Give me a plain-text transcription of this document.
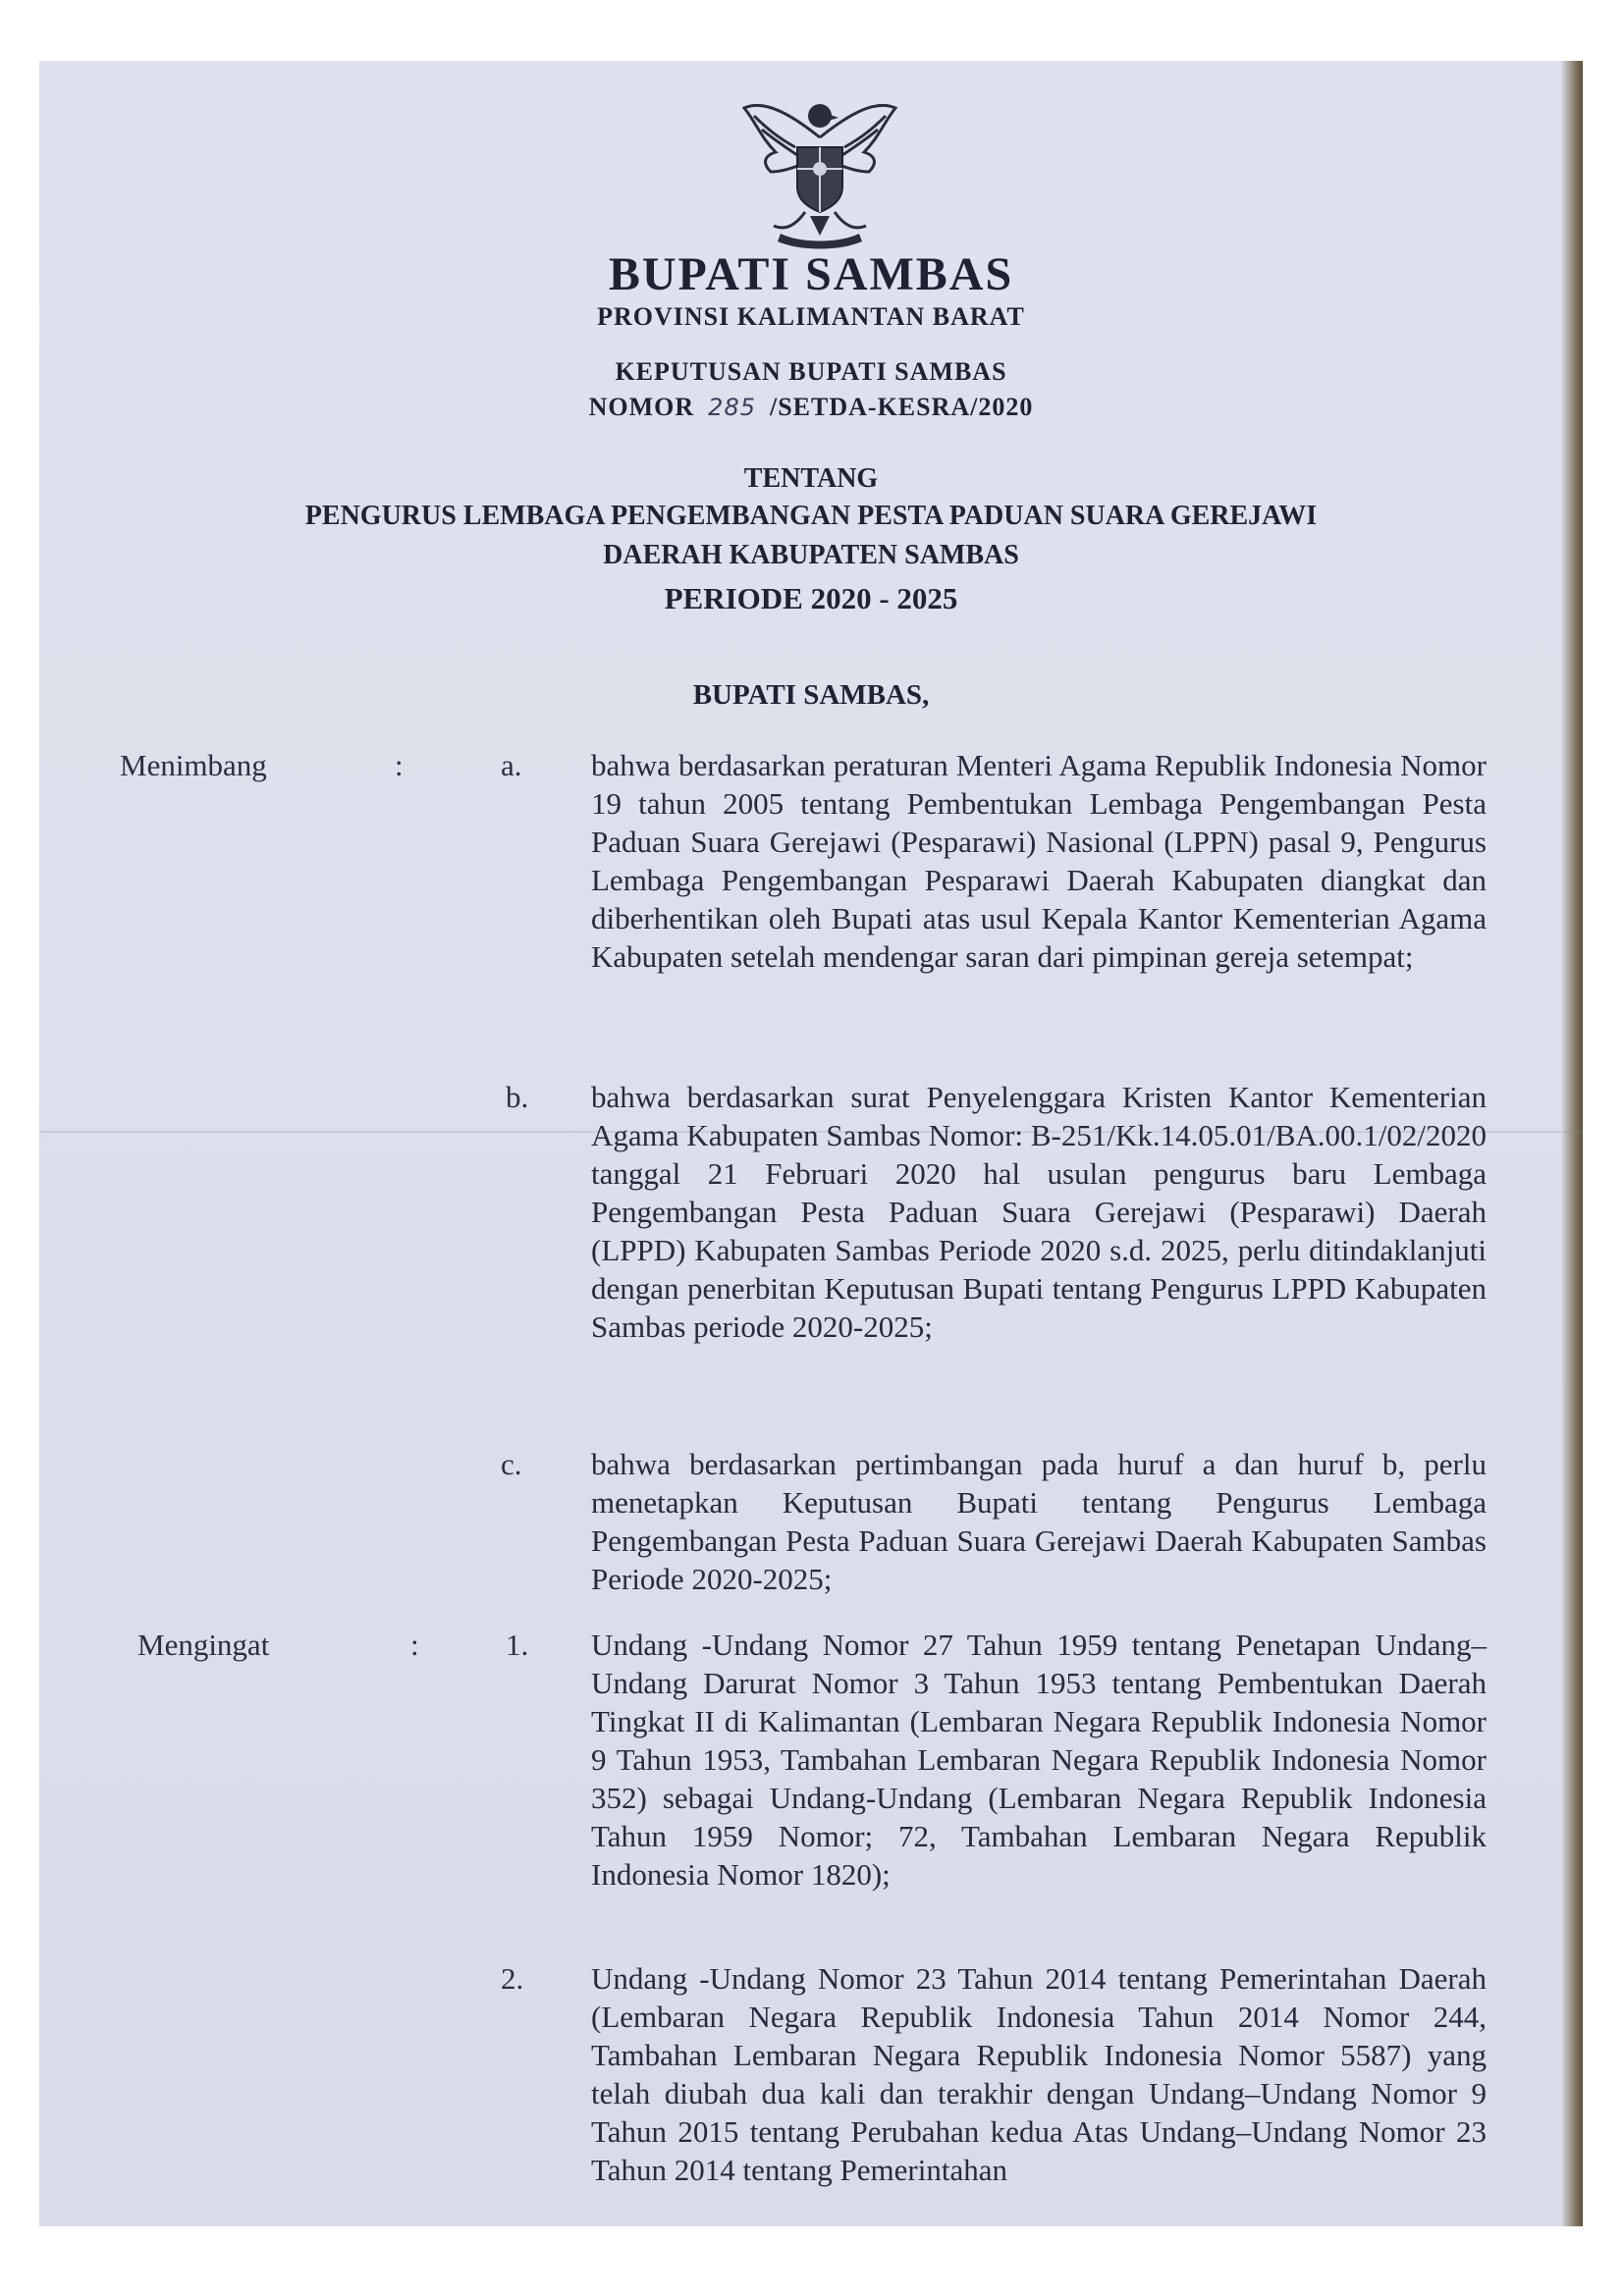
BUPATI SAMBAS
PROVINSI KALIMANTAN BARAT
KEPUTUSAN BUPATI SAMBAS
NOMOR 285 /SETDA-KESRA/2020
TENTANG
PENGURUS LEMBAGA PENGEMBANGAN PESTA PADUAN SUARA GEREJAWI
DAERAH KABUPATEN SAMBAS
PERIODE 2020 - 2025
BUPATI SAMBAS,
Menimbang	:	a. bahwa berdasarkan peraturan Menteri Agama Republik Indonesia Nomor 19 tahun 2005 tentang Pembentukan Lembaga Pengembangan Pesta Paduan Suara Gerejawi (Pesparawi) Nasional (LPPN) pasal 9, Pengurus Lembaga Pengembangan Pesparawi Daerah Kabupaten diangkat dan diberhentikan oleh Bupati atas usul Kepala Kantor Kementerian Agama Kabupaten setelah mendengar saran dari pimpinan gereja setempat;
b. bahwa berdasarkan surat Penyelenggara Kristen Kantor Kementerian Agama Kabupaten Sambas Nomor: B-251/Kk.14.05.01/BA.00.1/02/2020 tanggal 21 Februari 2020 hal usulan pengurus baru Lembaga Pengembangan Pesta Paduan Suara Gerejawi (Pesparawi) Daerah (LPPD) Kabupaten Sambas Periode 2020 s.d. 2025, perlu ditindaklanjuti dengan penerbitan Keputusan Bupati tentang Pengurus LPPD Kabupaten Sambas periode 2020-2025;
c. bahwa berdasarkan pertimbangan pada huruf a dan huruf b, perlu menetapkan Keputusan Bupati tentang Pengurus Lembaga Pengembangan Pesta Paduan Suara Gerejawi Daerah Kabupaten Sambas Periode 2020-2025;
Mengingat	:	1. Undang -Undang Nomor 27 Tahun 1959 tentang Penetapan Undang–Undang Darurat Nomor 3 Tahun 1953 tentang Pembentukan Daerah Tingkat II di Kalimantan (Lembaran Negara Republik Indonesia Nomor 9 Tahun 1953, Tambahan Lembaran Negara Republik Indonesia Nomor 352) sebagai Undang-Undang (Lembaran Negara Republik Indonesia Tahun 1959 Nomor; 72, Tambahan Lembaran Negara Republik Indonesia Nomor 1820);
2. Undang -Undang Nomor 23 Tahun 2014 tentang Pemerintahan Daerah (Lembaran Negara Republik Indonesia Tahun 2014 Nomor 244, Tambahan Lembaran Negara Republik Indonesia Nomor 5587) yang telah diubah dua kali dan terakhir dengan Undang–Undang Nomor 9 Tahun 2015 tentang Perubahan kedua Atas Undang–Undang Nomor 23 Tahun 2014 tentang Pemerintahan
